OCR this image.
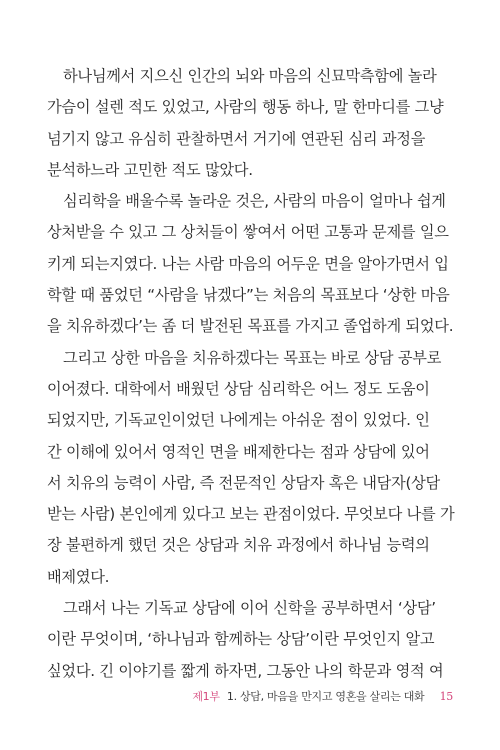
하나님께서 지으신 인간의 뇌와 마음의 신묘막측함에 놀라
가슴이 설렌 적도 있었고, 사람의 행동 하나, 말 한마디를 그냥
넘기지 않고 유심히 관찰하면서 거기에 연관된 심리 과정을
분석하느라 고민한 적도 많았다.
심리학을 배울수록 놀라운 것은, 사람의 마음이 얼마나 쉽게
상처받을 수 있고 그 상처들이 쌓여서 어떤 고통과 문제를 일으
키게 되는지였다. 나는 사람 마음의 어두운 면을 알아가면서 입
학할 때 품었던 “사람을 낚겠다”는 처음의 목표보다 ‘상한 마음
을 치유하겠다’는 좀 더 발전된 목표를 가지고 졸업하게 되었다.
그리고 상한 마음을 치유하겠다는 목표는 바로 상담 공부로
이어졌다. 대학에서 배웠던 상담 심리학은 어느 정도 도움이
되었지만, 기독교인이었던 나에게는 아쉬운 점이 있었다. 인
간 이해에 있어서 영적인 면을 배제한다는 점과 상담에 있어
서 치유의 능력이 사람, 즉 전문적인 상담자 혹은 내담자(상담
받는 사람) 본인에게 있다고 보는 관점이었다. 무엇보다 나를 가
장 불편하게 했던 것은 상담과 치유 과정에서 하나님 능력의
배제였다.
그래서 나는 기독교 상담에 이어 신학을 공부하면서 ‘상담’
이란 무엇이며, ‘하나님과 함께하는 상담’이란 무엇인지 알고
싶었다. 긴 이야기를 짧게 하자면, 그동안 나의 학문과 영적 여
제1부 1. 상담, 마음을 만지고 영혼을 살리는 대화 15
